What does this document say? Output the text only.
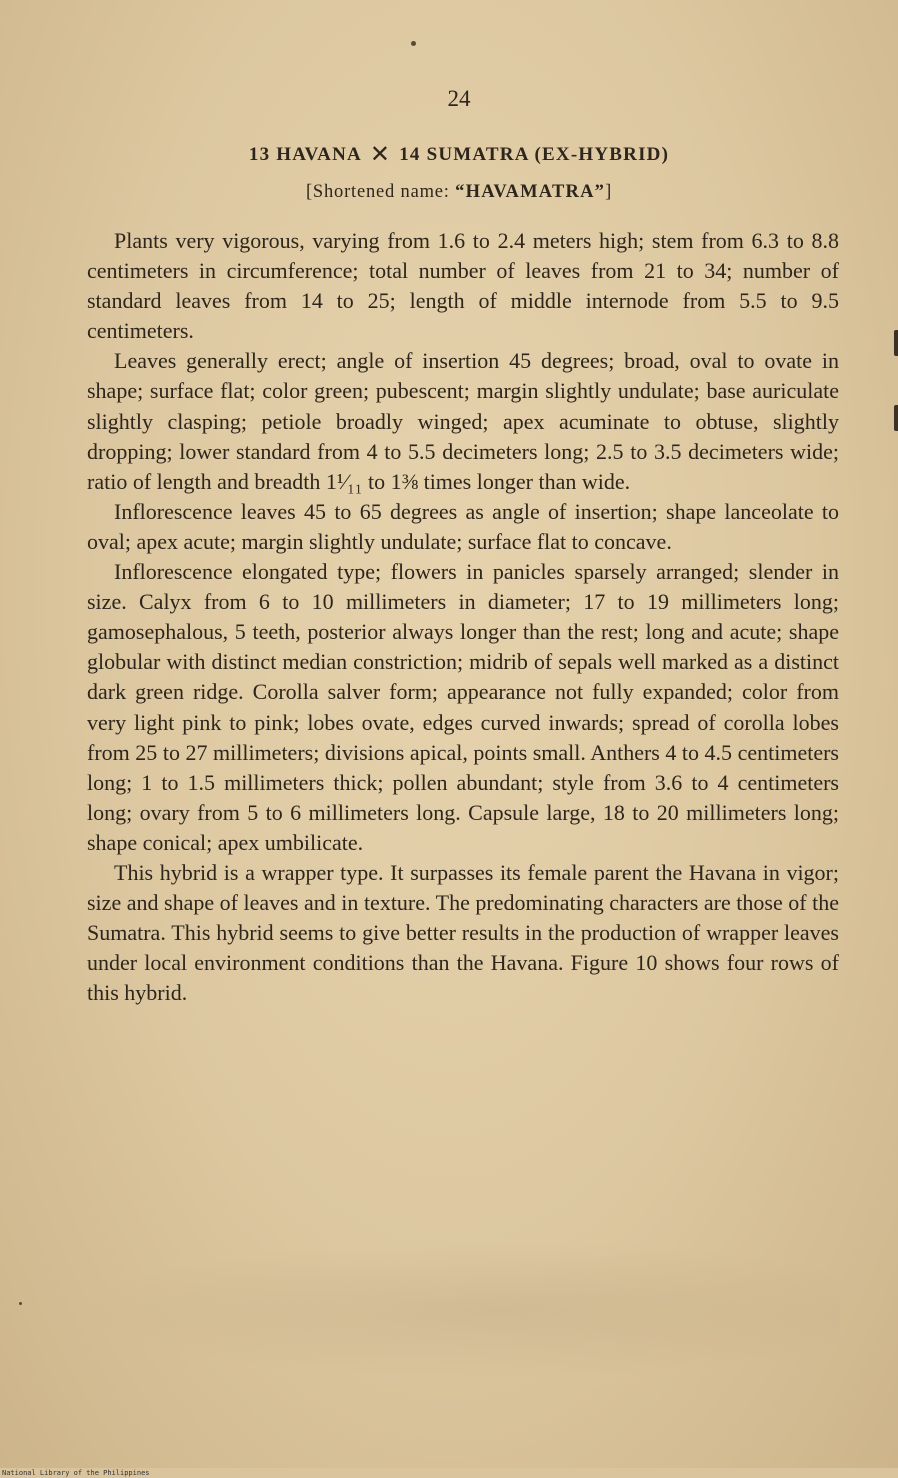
24
13 HAVANA ✕ 14 SUMATRA (EX-HYBRID)
[Shortened name: “HAVAMATRA”]

Plants very vigorous, varying from 1.6 to 2.4 meters high; stem from 6.3 to 8.8 centimeters in circumference; total number of leaves from 21 to 34; number of standard leaves from 14 to 25; length of middle internode from 5.5 to 9.5 centimeters.

Leaves generally erect; angle of insertion 45 degrees; broad, oval to ovate in shape; surface flat; color green; pubescent; margin slightly undulate; base auriculate slightly clasping; petiole broadly winged; apex acuminate to obtuse, slightly dropping; lower standard from 4 to 5.5 decimeters long; 2.5 to 3.5 decimeters wide; ratio of length and breadth 1¹⁄₁₁ to 1⅜ times longer than wide.

Inflorescence leaves 45 to 65 degrees as angle of insertion; shape lanceolate to oval; apex acute; margin slightly undulate; surface flat to concave.

Inflorescence elongated type; flowers in panicles sparsely arranged; slender in size. Calyx from 6 to 10 millimeters in diameter; 17 to 19 millimeters long; gamosephalous, 5 teeth, posterior always longer than the rest; long and acute; shape globular with distinct median constriction; midrib of sepals well marked as a distinct dark green ridge. Corolla salver form; appearance not fully expanded; color from very light pink to pink; lobes ovate, edges curved inwards; spread of corolla lobes from 25 to 27 millimeters; divisions apical, points small. Anthers 4 to 4.5 centimeters long; 1 to 1.5 millimeters thick; pollen abundant; style from 3.6 to 4 centimeters long; ovary from 5 to 6 millimeters long. Capsule large, 18 to 20 millimeters long; shape conical; apex umbilicate.

This hybrid is a wrapper type. It surpasses its female parent the Havana in vigor; size and shape of leaves and in texture. The predominating characters are those of the Sumatra. This hybrid seems to give better results in the production of wrapper leaves under local environment conditions than the Havana. Figure 10 shows four rows of this hybrid.

National Library of the Philippines
